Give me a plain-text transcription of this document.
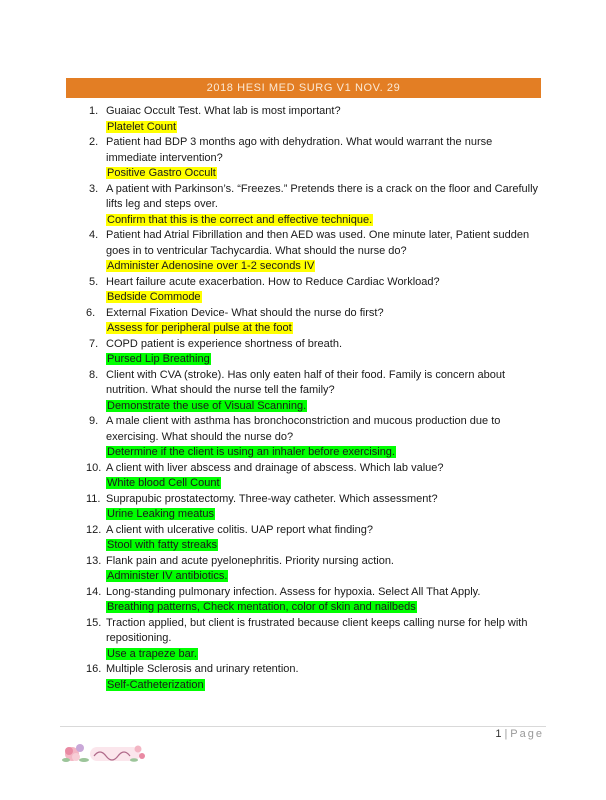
2018 HESI MED SURG V1 NOV. 29
1. Guaiac Occult Test. What lab is most important?
Platelet Count
2. Patient had BDP 3 months ago with dehydration. What would warrant the nurse immediate intervention?
Positive Gastro Occult
3. A patient with Parkinson’s. “Freezes.” Pretends there is a crack on the floor and Carefully lifts leg and steps over.
Confirm that this is the correct and effective technique.
4. Patient had Atrial Fibrillation and then AED was used. One minute later, Patient sudden goes in to ventricular Tachycardia. What should the nurse do?
Administer Adenosine over 1-2 seconds IV
5. Heart failure acute exacerbation. How to Reduce Cardiac Workload?
Bedside Commode
6. External Fixation Device- What should the nurse do first?
Assess for peripheral pulse at the foot
7. COPD patient is experience shortness of breath.
Pursed Lip Breathing
8. Client with CVA (stroke). Has only eaten half of their food. Family is concern about nutrition. What should the nurse tell the family?
Demonstrate the use of Visual Scanning.
9. A male client with asthma has bronchoconstriction and mucous production due to exercising. What should the nurse do?
Determine if the client is using an inhaler before exercising.
10. A client with liver abscess and drainage of abscess. Which lab value?
White blood Cell Count
11. Suprapubic prostatectomy. Three-way catheter. Which assessment?
Urine Leaking meatus
12. A client with ulcerative colitis. UAP report what finding?
Stool with fatty streaks
13. Flank pain and acute pyelonephritis. Priority nursing action.
Administer IV antibiotics.
14. Long-standing pulmonary infection. Assess for hypoxia. Select All That Apply.
Breathing patterns, Check mentation, color of skin and nailbeds
15. Traction applied, but client is frustrated because client keeps calling nurse for help with repositioning.
Use a trapeze bar.
16. Multiple Sclerosis and urinary retention.
Self-Catheterization
1 | Page
